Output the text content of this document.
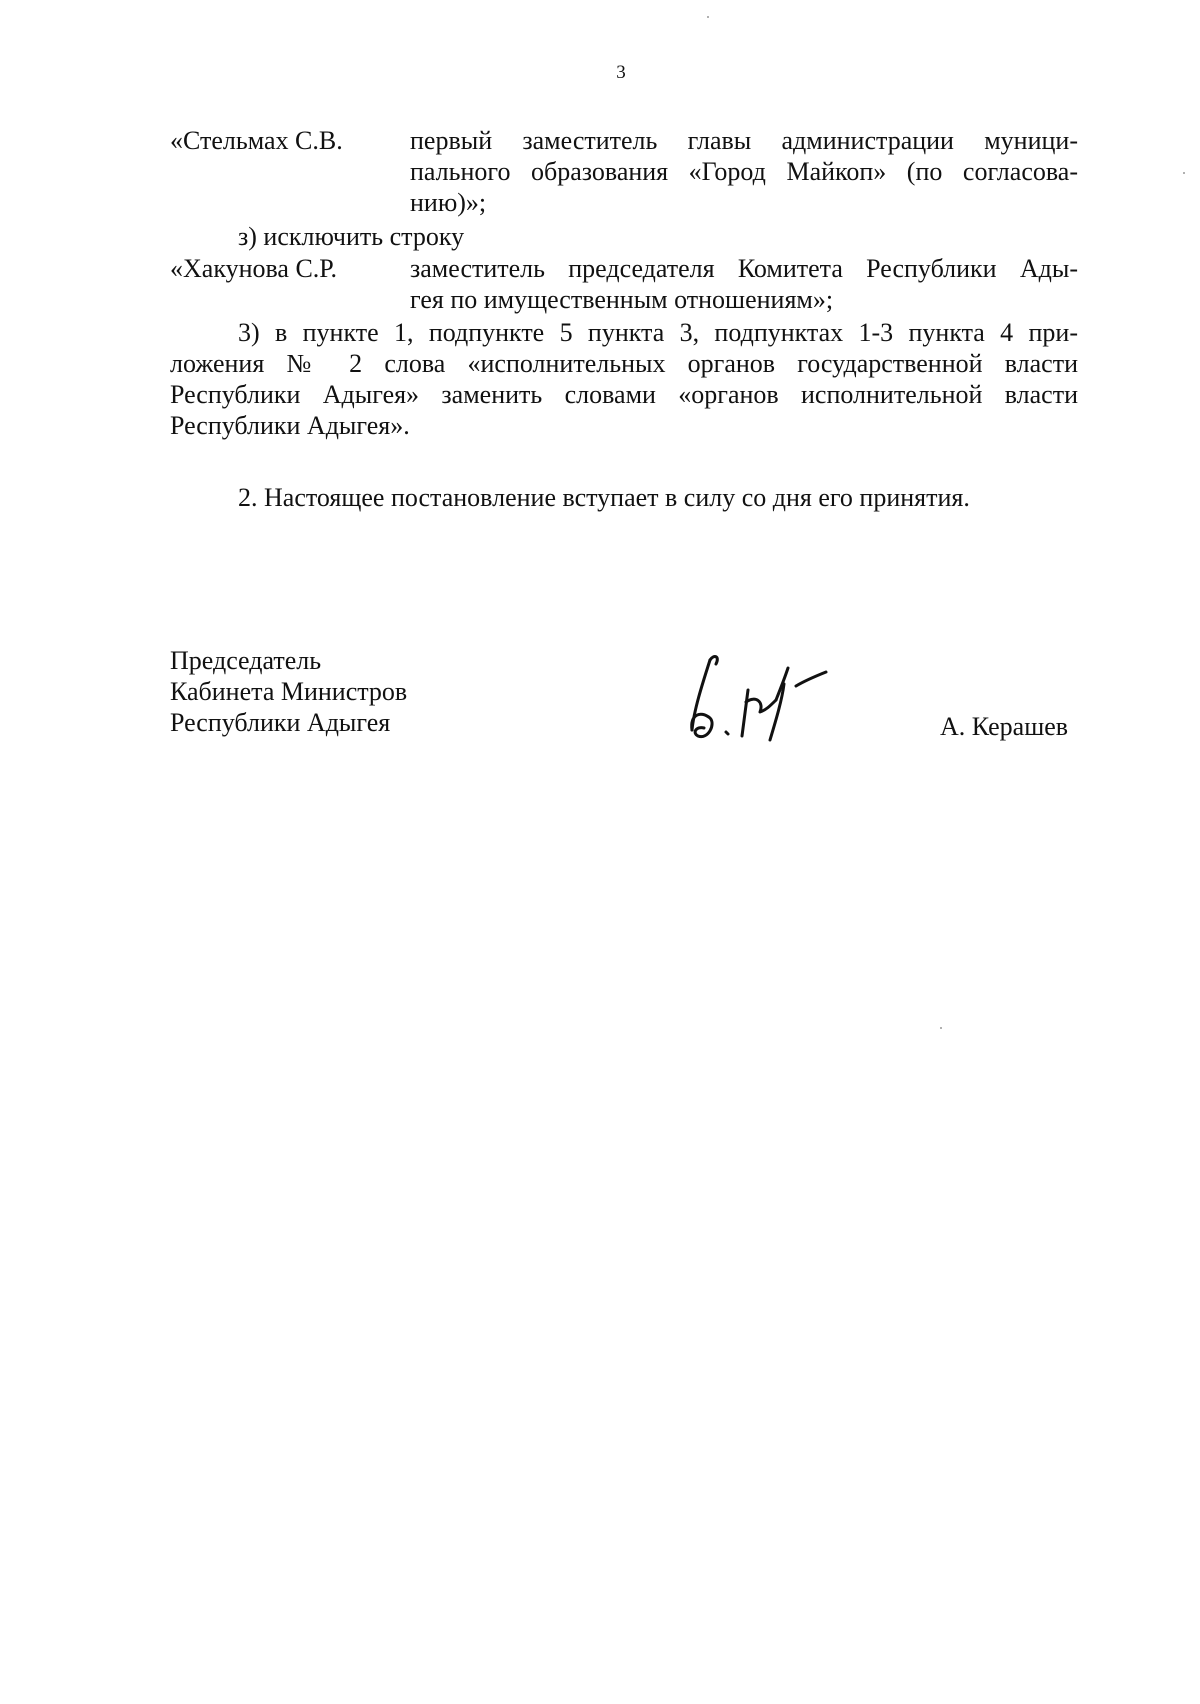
3
«Стельмах С.В.	первый заместитель главы администрации муници-
пального образования «Город Майкоп» (по согласова-
нию)»;
з) исключить строку
«Хакунова С.Р.	заместитель председателя Комитета Республики Ады-
гея по имущественным отношениям»;
3) в пункте 1, подпункте 5 пункта 3, подпунктах 1-3 пункта 4 при-
ложения № 2 слова «исполнительных органов государственной власти
Республики Адыгея» заменить словами «органов исполнительной власти
Республики Адыгея».
2. Настоящее постановление вступает в силу со дня его принятия.
Председатель
Кабинета Министров
Республики Адыгея	А. Керашев
